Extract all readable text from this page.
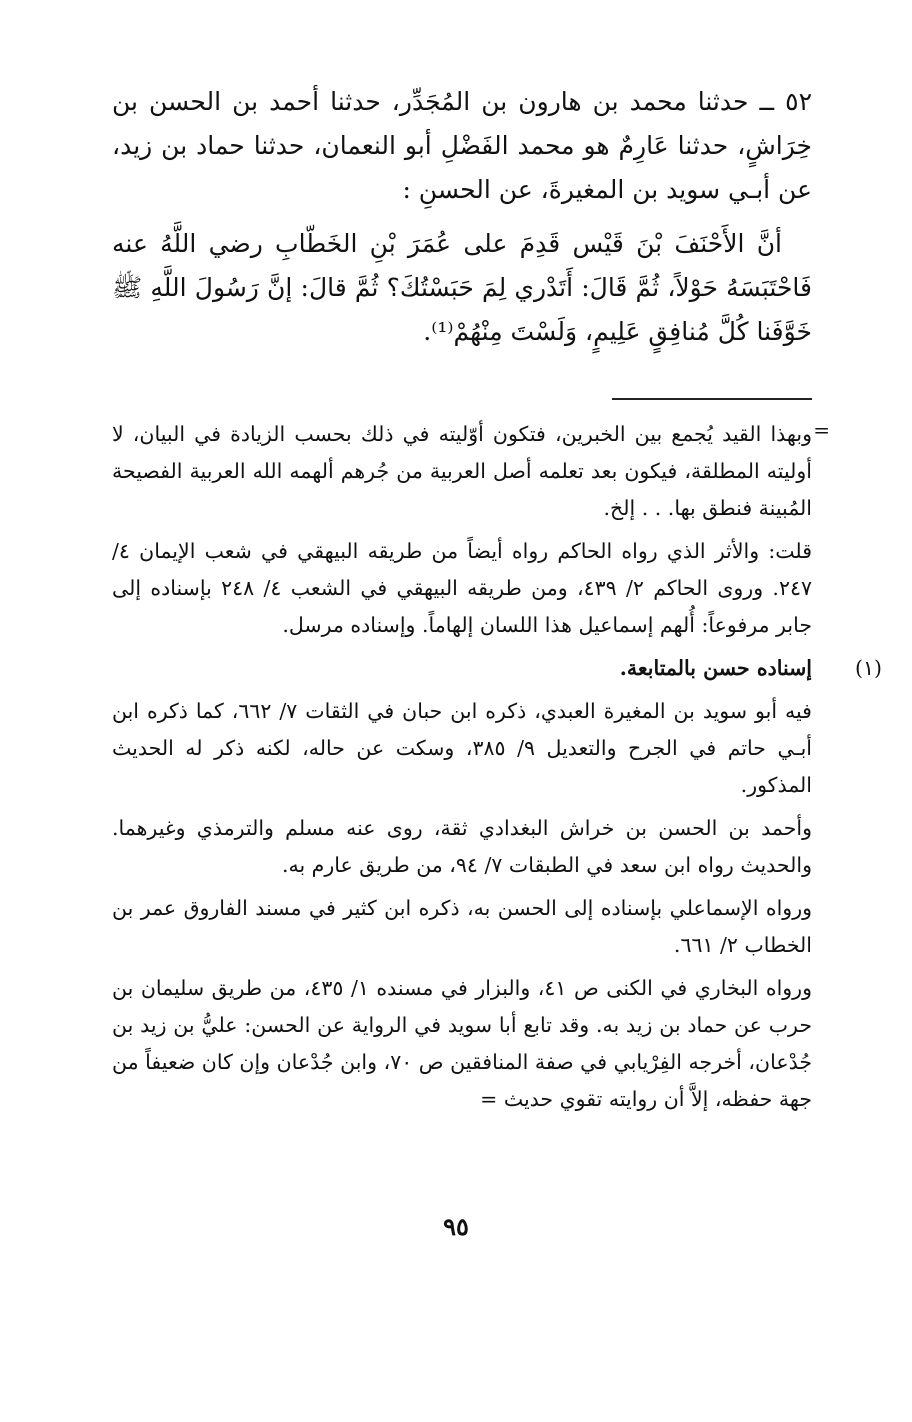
٥٢ ــ حدثنا محمد بن هارون بن المُجَدِّر، حدثنا أحمد بن الحسن بن خِرَاشٍ، حدثنا عَارِمٌ هو محمد الفَضْلِ أبو النعمان، حدثنا حماد بن زيد، عن أبـي سويد بن المغيرةَ، عن الحسنِ :

أنَّ الأَحْنَفَ بْنَ قَيْس قَدِمَ على عُمَرَ بْنِ الخَطّابِ رضي اللَّهُ عنه فَاحْتَبَسَهُ حَوْلاً، ثُمَّ قَالَ: أَتَدْري لِمَ حَبَسْتُكَ؟ ثُمَّ قالَ: إنَّ رَسُولَ اللَّهِ ﷺ خَوَّفَنا كُلَّ مُنافِقٍ عَلِيمٍ، وَلَسْتَ مِنْهُمْ⁽¹⁾.

=

وبهذا القيد يُجمع بين الخبرين، فتكون أوّليته في ذلك بحسب الزيادة في البيان، لا أوليته المطلقة، فيكون بعد تعلمه أصل العربية من جُرهم ألهمه الله العربية الفصيحة المُبينة فنطق بها. . . إلخ.

قلت: والأثر الذي رواه الحاكم رواه أيضاً من طريقه البيهقي في شعب الإيمان ٤/ ٢٤٧. وروى الحاكم ٢/ ٤٣٩، ومن طريقه البيهقي في الشعب ٤/ ٢٤٨ بإسناده إلى جابر مرفوعاً: أُلهم إسماعيل هذا اللسان إلهاماً. وإسناده مرسل.

(١)
إسناده حسن بالمتابعة.

فيه أبو سويد بن المغيرة العبدي، ذكره ابن حبان في الثقات ٧/ ٦٦٢، كما ذكره ابن أبـي حاتم في الجرح والتعديل ٩/ ٣٨٥، وسكت عن حاله، لكنه ذكر له الحديث المذكور.

وأحمد بن الحسن بن خراش البغدادي ثقة، روى عنه مسلم والترمذي وغيرهما. والحديث رواه ابن سعد في الطبقات ٧/ ٩٤، من طريق عارم به.

ورواه الإسماعلي بإسناده إلى الحسن به، ذكره ابن كثير في مسند الفاروق عمر بن الخطاب ٢/ ٦٦١.

ورواه البخاري في الكنى ص ٤١، والبزار في مسنده ١/ ٤٣٥، من طريق سليمان بن حرب عن حماد بن زيد به. وقد تابع أبا سويد في الرواية عن الحسن: عليُّ بن زيد بن جُدْعان، أخرجه الفِرْيابي في صفة المنافقين ص ٧٠، وابن جُدْعان وإن كان ضعيفاً من جهة حفظه، إلاَّ أن روايته تقوي حديث =

٩٥
